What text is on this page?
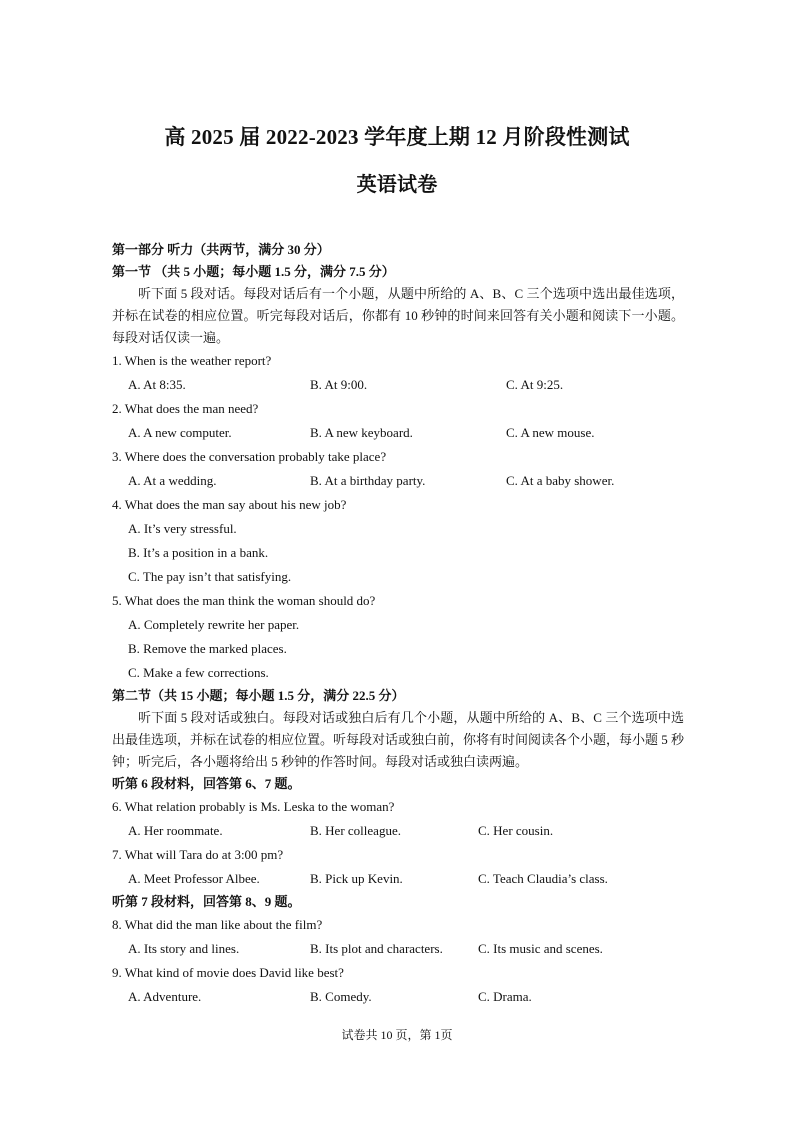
高 2025 届 2022-2023 学年度上期 12 月阶段性测试
英语试卷
第一部分 听力（共两节，满分 30 分）
第一节 （共 5 小题；每小题 1.5 分，满分 7.5 分）
听下面 5 段对话。每段对话后有一个小题，从题中所给的 A、B、C 三个选项中选出最佳选项，并标在试卷的相应位置。听完每段对话后，你都有 10 秒钟的时间来回答有关小题和阅读下一小题。每段对话仅读一遍。
1. When is the weather report?
A. At 8:35.	B. At 9:00.	C. At 9:25.
2. What does the man need?
A. A new computer.	B. A new keyboard.	C. A new mouse.
3. Where does the conversation probably take place?
A. At a wedding.	B. At a birthday party.	C. At a baby shower.
4. What does the man say about his new job?
A. It’s very stressful.
B. It’s a position in a bank.
C. The pay isn’t that satisfying.
5. What does the man think the woman should do?
A. Completely rewrite her paper.
B. Remove the marked places.
C. Make a few corrections.
第二节（共 15 小题；每小题 1.5 分，满分 22.5 分）
听下面 5 段对话或独白。每段对话或独白后有几个小题，从题中所给的 A、B、C 三个选项中选出最佳选项，并标在试卷的相应位置。听每段对话或独白前，你将有时间阅读各个小题，每小题 5 秒钟；听完后，各小题将给出 5 秒钟的作答时间。每段对话或独白读两遍。
听第 6 段材料，回答第 6、7 题。
6. What relation probably is Ms. Leska to the woman?
A. Her roommate.	B. Her colleague.	C. Her cousin.
7. What will Tara do at 3:00 pm?
A. Meet Professor Albee.	B. Pick up Kevin.	C. Teach Claudia’s class.
听第 7 段材料，回答第 8、9 题。
8. What did the man like about the film?
A. Its story and lines.	B. Its plot and characters.	C. Its music and scenes.
9. What kind of movie does David like best?
A. Adventure.	B. Comedy.	C. Drama.
试卷共 10 页，第 1页
